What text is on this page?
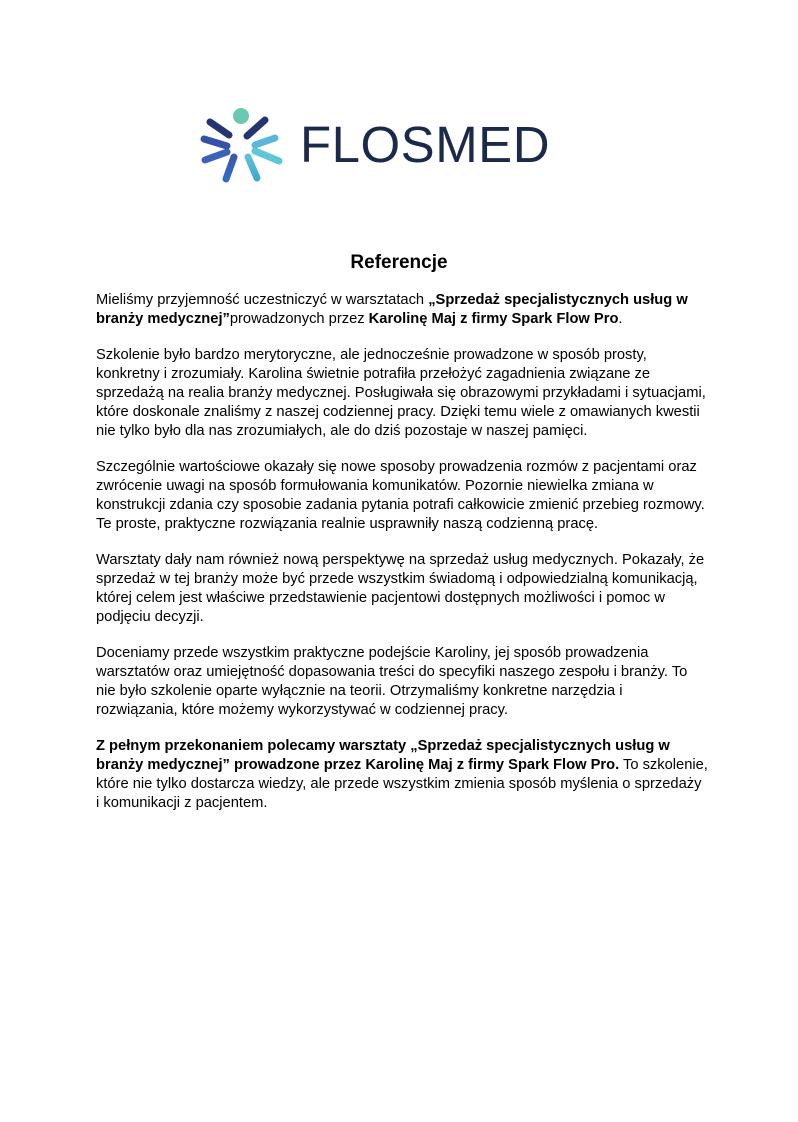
FLOSMED
Referencje

Mieliśmy przyjemność uczestniczyć w warsztatach „Sprzedaż specjalistycznych usług w branży medycznej”prowadzonych przez Karolinę Maj z firmy Spark Flow Pro.

Szkolenie było bardzo merytoryczne, ale jednocześnie prowadzone w sposób prosty, konkretny i zrozumiały. Karolina świetnie potrafiła przełożyć zagadnienia związane ze sprzedażą na realia branży medycznej. Posługiwała się obrazowymi przykładami i sytuacjami, które doskonale znaliśmy z naszej codziennej pracy. Dzięki temu wiele z omawianych kwestii nie tylko było dla nas zrozumiałych, ale do dziś pozostaje w naszej pamięci.

Szczególnie wartościowe okazały się nowe sposoby prowadzenia rozmów z pacjentami oraz zwrócenie uwagi na sposób formułowania komunikatów. Pozornie niewielka zmiana w konstrukcji zdania czy sposobie zadania pytania potrafi całkowicie zmienić przebieg rozmowy. Te proste, praktyczne rozwiązania realnie usprawniły naszą codzienną pracę.

Warsztaty dały nam również nową perspektywę na sprzedaż usług medycznych. Pokazały, że sprzedaż w tej branży może być przede wszystkim świadomą i odpowiedzialną komunikacją, której celem jest właściwe przedstawienie pacjentowi dostępnych możliwości i pomoc w podjęciu decyzji.

Doceniamy przede wszystkim praktyczne podejście Karoliny, jej sposób prowadzenia warsztatów oraz umiejętność dopasowania treści do specyfiki naszego zespołu i branży. To nie było szkolenie oparte wyłącznie na teorii. Otrzymaliśmy konkretne narzędzia i rozwiązania, które możemy wykorzystywać w codziennej pracy.

Z pełnym przekonaniem polecamy warsztaty „Sprzedaż specjalistycznych usług w branży medycznej” prowadzone przez Karolinę Maj z firmy Spark Flow Pro. To szkolenie, które nie tylko dostarcza wiedzy, ale przede wszystkim zmienia sposób myślenia o sprzedaży i komunikacji z pacjentem.
